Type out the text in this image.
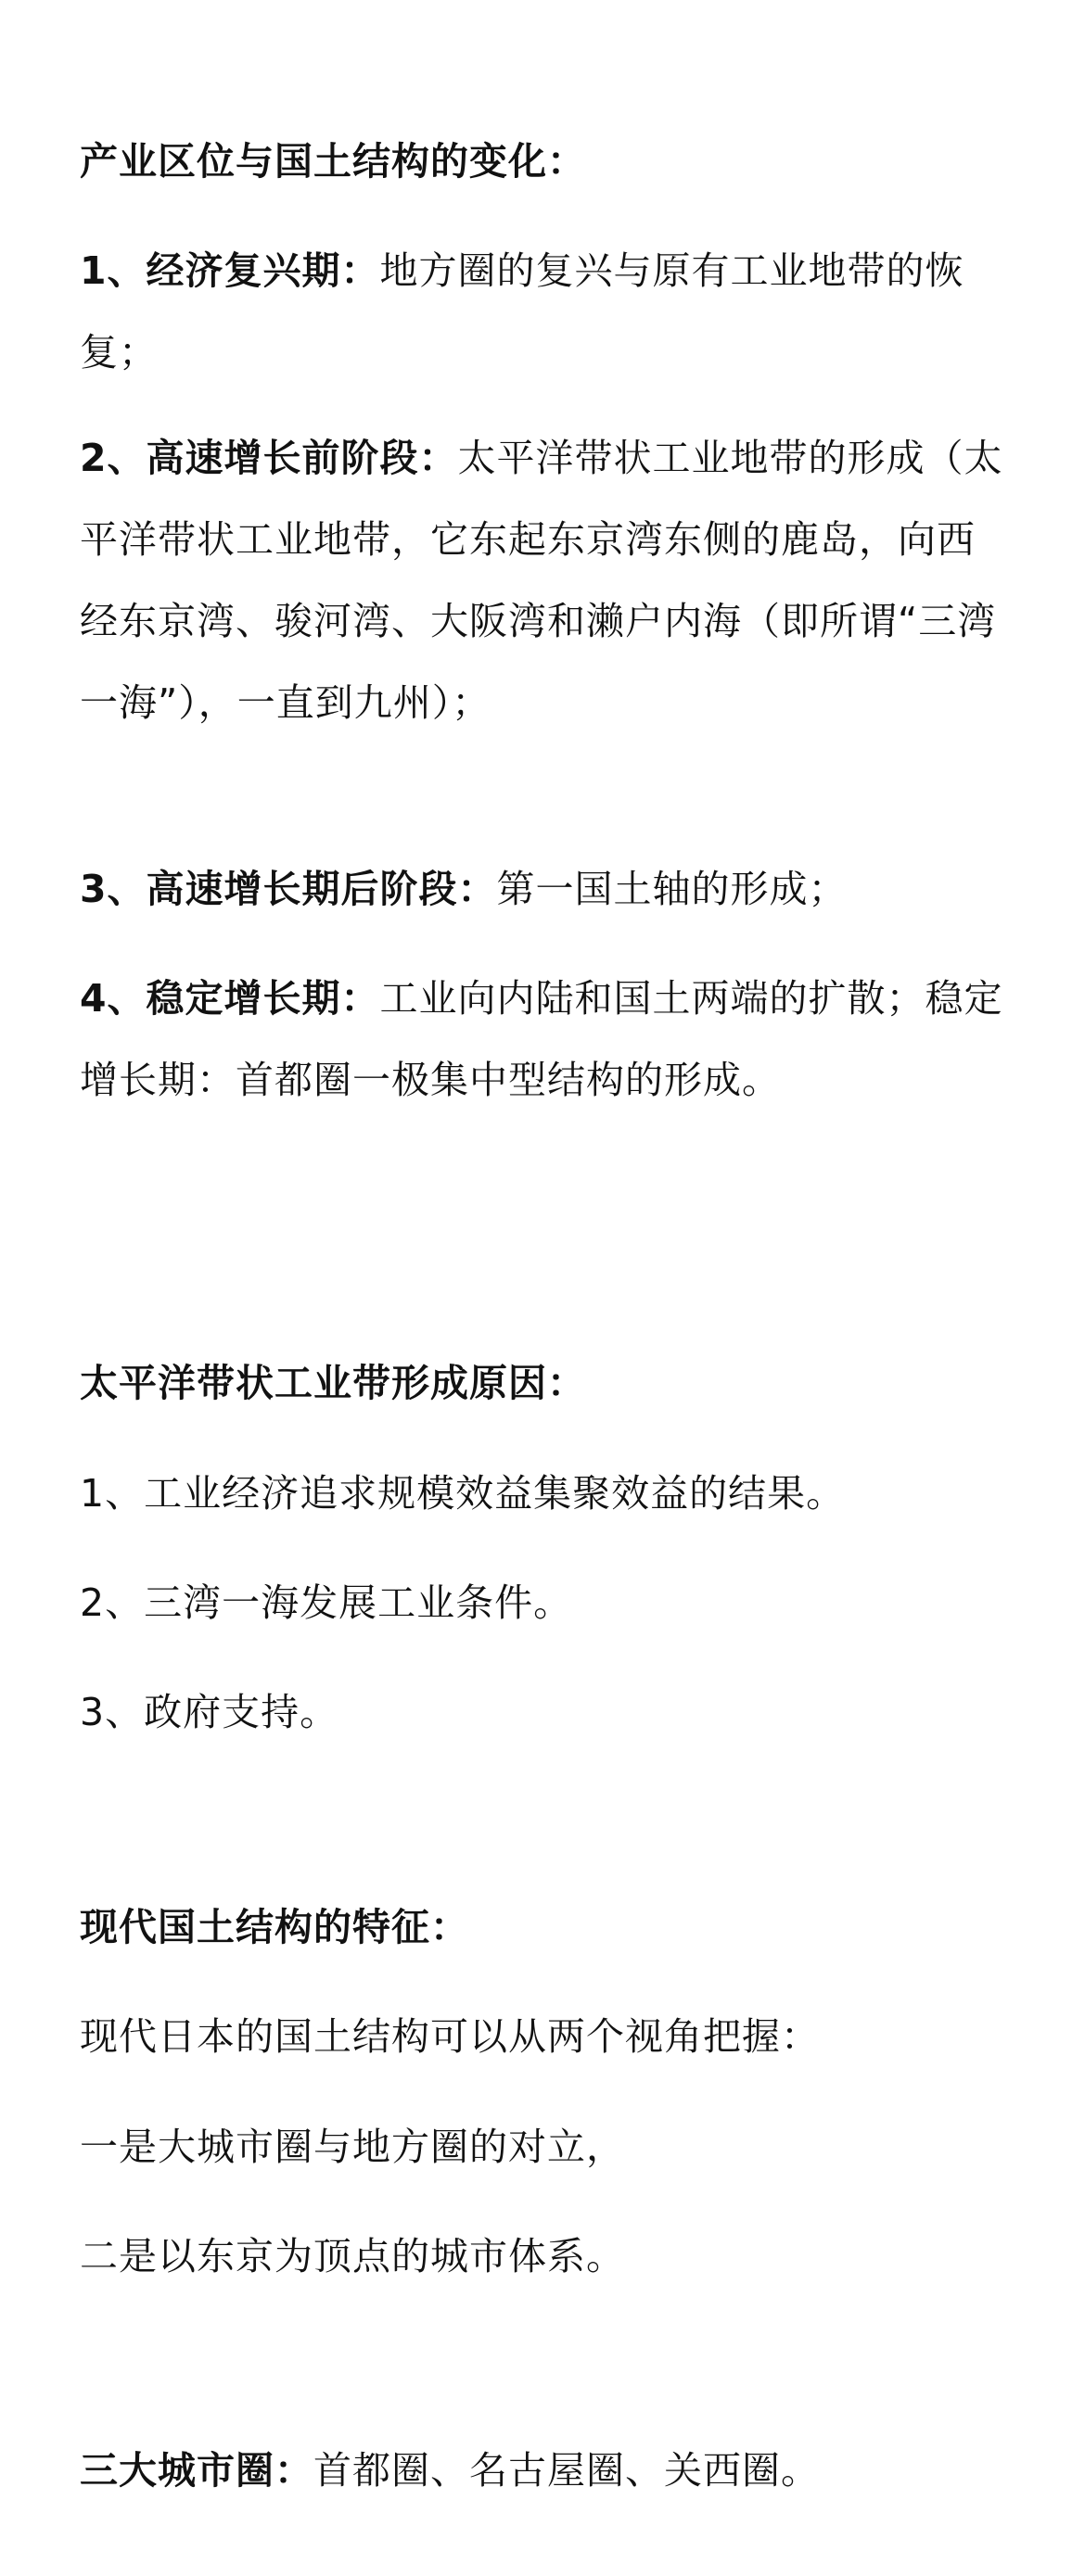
产业区位与国土结构的变化：

1、经济复兴期：地方圈的复兴与原有工业地带的恢复；

2、高速增长前阶段：太平洋带状工业地带的形成（太平洋带状工业地带，它东起东京湾东侧的鹿岛，向西经东京湾、骏河湾、大阪湾和濑户内海（即所谓“三湾一海”），一直到九州）；

3、高速增长期后阶段：第一国土轴的形成；

4、稳定增长期：工业向内陆和国土两端的扩散；稳定增长期：首都圈一极集中型结构的形成。

太平洋带状工业带形成原因：

1、工业经济追求规模效益集聚效益的结果。

2、三湾一海发展工业条件。

3、政府支持。

现代国土结构的特征：

现代日本的国土结构可以从两个视角把握：

一是大城市圈与地方圈的对立，

二是以东京为顶点的城市体系。

三大城市圈：首都圈、名古屋圈、关西圈。
